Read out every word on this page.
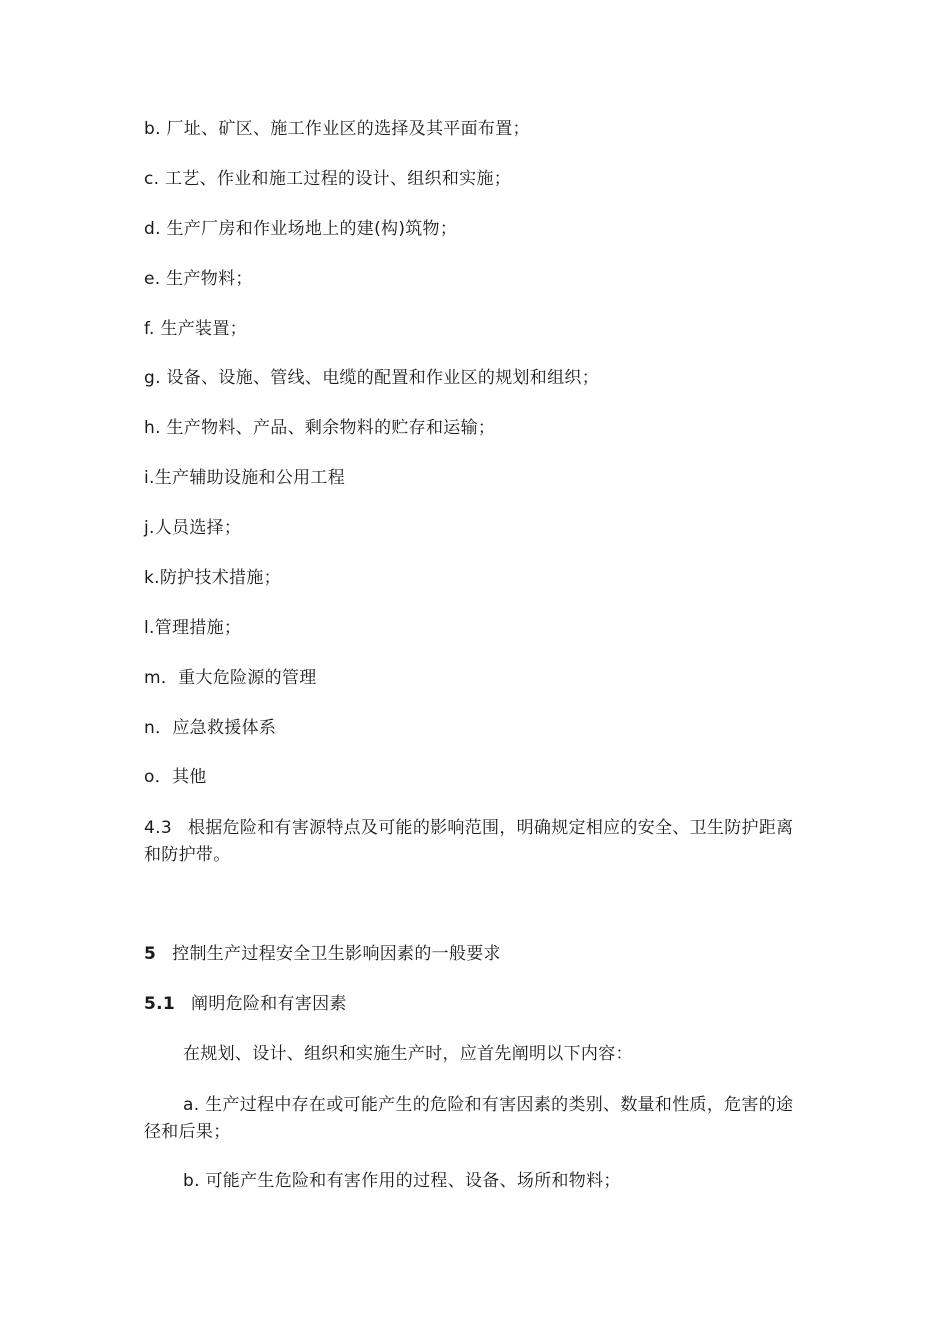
b. 厂址、矿区、施工作业区的选择及其平面布置；
c. 工艺、作业和施工过程的设计、组织和实施；
d. 生产厂房和作业场地上的建(构)筑物；
e. 生产物料；
f. 生产装置；
g. 设备、设施、管线、电缆的配置和作业区的规划和组织；
h. 生产物料、产品、剩余物料的贮存和运输；
i.生产辅助设施和公用工程
j.人员选择；
k.防护技术措施；
l.管理措施；
m．重大危险源的管理
n．应急救援体系
o．其他
4.3 根据危险和有害源特点及可能的影响范围，明确规定相应的安全、卫生防护距离和防护带。
5 控制生产过程安全卫生影响因素的一般要求
5.1 阐明危险和有害因素
在规划、设计、组织和实施生产时，应首先阐明以下内容：
a. 生产过程中存在或可能产生的危险和有害因素的类别、数量和性质，危害的途径和后果；
b. 可能产生危险和有害作用的过程、设备、场所和物料；
